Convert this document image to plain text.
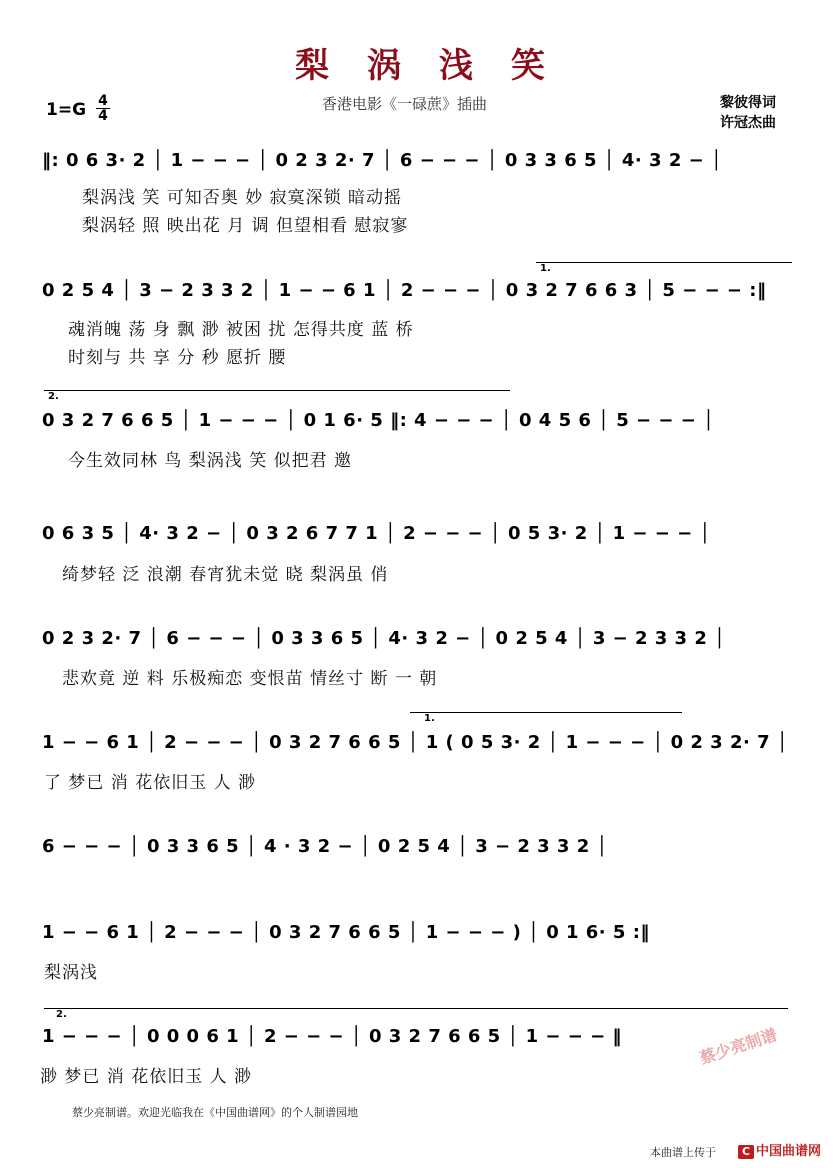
梨涡浅笑
1=G 4
4
香港电影《一碌蔗》插曲	黎彼得词
许冠杰曲
‖: 0 6 3· 2 │ 1 − − − │ 0 2 3 2· 7 │ 6 − − − │ 0 3 3 6 5 │ 4· 3 2 − │
梨涡浅 笑 可知否奥 妙 寂寞深锁 暗动摇
梨涡轻 照 映出花 月 调 但望相看 慰寂寥
1.
0 2 5 4 │ 3 − 2 3 3 2 │ 1 − − 6 1 │ 2 − − − │ 0 3 2 7 6 6 3 │ 5 − − − :‖
魂消魄 荡 身 飘 渺 被困 扰 怎得共度 蓝 桥
时刻与 共 享 分 秒 愿折 腰
2.
0 3 2 7 6 6 5 │ 1 − − − │ 0 1 6· 5 ‖: 4 − − − │ 0 4 5 6 │ 5 − − − │
今生效同林 鸟 梨涡浅 笑 似把君 邀
0 6 3 5 │ 4· 3 2 − │ 0 3 2 6 7 7 1 │ 2 − − − │ 0 5 3· 2 │ 1 − − − │
绮梦轻 泛 浪潮 春宵犹未觉 晓 梨涡虽 俏
0 2 3 2· 7 │ 6 − − − │ 0 3 3 6 5 │ 4· 3 2 − │ 0 2 5 4 │ 3 − 2 3 3 2 │
悲欢竟 逆 料 乐极痴恋 变恨苗 情丝寸 断 一 朝
1.
1 − − 6 1 │ 2 − − − │ 0 3 2 7 6 6 5 │ 1 ( 0 5 3· 2 │ 1 − − − │ 0 2 3 2· 7 │
了 梦已 消 花依旧玉 人 渺
6 − − − │ 0 3 3 6 5 │ 4 · 3 2 − │ 0 2 5 4 │ 3 − 2 3 3 2 │
1 − − 6 1 │ 2 − − − │ 0 3 2 7 6 6 5 │ 1 − − − ) │ 0 1 6· 5 :‖
梨涡浅
2.
1 − − − │ 0 0 0 6 1 │ 2 − − − │ 0 3 2 7 6 6 5 │ 1 − − − ‖
渺 梦已 消 花依旧玉 人 渺
蔡少亮制谱
蔡少亮制谱。欢迎光临我在《中国曲谱网》的个人制谱园地
本曲谱上传于	C 中国曲谱网
